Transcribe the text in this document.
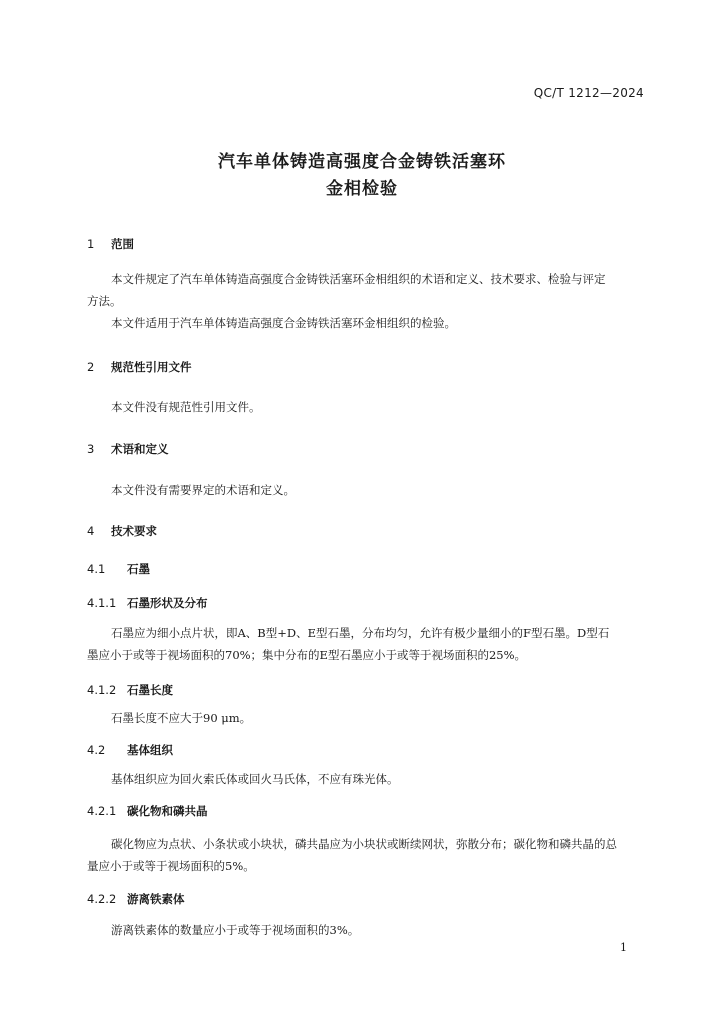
QC/T 1212—2024
汽车单体铸造高强度合金铸铁活塞环
金相检验
1 范围
本文件规定了汽车单体铸造高强度合金铸铁活塞环金相组织的术语和定义、技术要求、检验与评定
方法。
本文件适用于汽车单体铸造高强度合金铸铁活塞环金相组织的检验。
2 规范性引用文件
本文件没有规范性引用文件。
3 术语和定义
本文件没有需要界定的术语和定义。
4 技术要求
4.1 石墨
4.1.1 石墨形状及分布
石墨应为细小点片状，即A、B型+D、E型石墨，分布均匀，允许有极少量细小的F型石墨。D型石
墨应小于或等于视场面积的70%；集中分布的E型石墨应小于或等于视场面积的25%。
4.1.2 石墨长度
石墨长度不应大于90 μm。
4.2 基体组织
基体组织应为回火索氏体或回火马氏体，不应有珠光体。
4.2.1 碳化物和磷共晶
碳化物应为点状、小条状或小块状，磷共晶应为小块状或断续网状，弥散分布；碳化物和磷共晶的总
量应小于或等于视场面积的5%。
4.2.2 游离铁素体
游离铁素体的数量应小于或等于视场面积的3%。
1
